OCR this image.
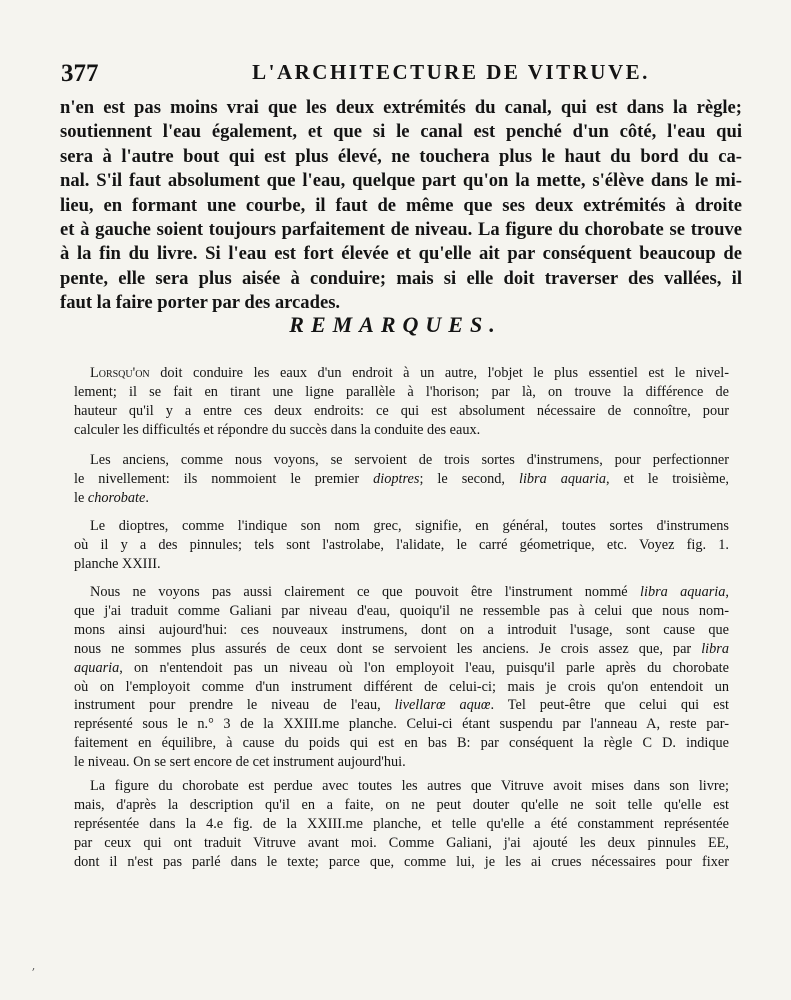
377	L'ARCHITECTURE DE VITRUVE.
n'en est pas moins vrai que les deux extrémités du canal, qui est dans la règle;
soutiennent l'eau également, et que si le canal est penché d'un côté, l'eau qui
sera à l'autre bout qui est plus élevé, ne touchera plus le haut du bord du ca-
nal. S'il faut absolument que l'eau, quelque part qu'on la mette, s'élève dans le mi-
lieu, en formant une courbe, il faut de même que ses deux extrémités à droite
et à gauche soient toujours parfaitement de niveau. La figure du chorobate se trouve
à la fin du livre. Si l'eau est fort élevée et qu'elle ait par conséquent beaucoup de
pente, elle sera plus aisée à conduire; mais si elle doit traverser des vallées, il
faut la faire porter par des arcades.
REMARQUES.
Lorsqu'on doit conduire les eaux d'un endroit à un autre, l'objet le plus essentiel est le nivel-
lement; il se fait en tirant une ligne parallèle à l'horison; par là, on trouve la différence de
hauteur qu'il y a entre ces deux endroits: ce qui est absolument nécessaire de connoître, pour
calculer les difficultés et répondre du succès dans la conduite des eaux.
Les anciens, comme nous voyons, se servoient de trois sortes d'instrumens, pour perfectionner
le nivellement: ils nommoient le premier dioptres; le second, libra aquaria, et le troisième,
le chorobate.
Le dioptres, comme l'indique son nom grec, signifie, en général, toutes sortes d'instrumens
où il y a des pinnules; tels sont l'astrolabe, l'alidate, le carré géometrique, etc. Voyez fig. 1.
planche XXIII.
Nous ne voyons pas aussi clairement ce que pouvoit être l'instrument nommé libra aquaria,
que j'ai traduit comme Galiani par niveau d'eau, quoiqu'il ne ressemble pas à celui que nous nom-
mons ainsi aujourd'hui: ces nouveaux instrumens, dont on a introduit l'usage, sont cause que
nous ne sommes plus assurés de ceux dont se servoient les anciens. Je crois assez que, par libra
aquaria, on n'entendoit pas un niveau où l'on employoit l'eau, puisqu'il parle après du chorobate
où on l'employoit comme d'un instrument différent de celui-ci; mais je crois qu'on entendoit un
instrument pour prendre le niveau de l'eau, livellarœ aquœ. Tel peut-être que celui qui est
représenté sous le n.° 3 de la XXIII.me planche. Celui-ci étant suspendu par l'anneau A, reste par-
faitement en équilibre, à cause du poids qui est en bas B: par conséquent la règle C D. indique
le niveau. On se sert encore de cet instrument aujourd'hui.
La figure du chorobate est perdue avec toutes les autres que Vitruve avoit mises dans son livre;
mais, d'après la description qu'il en a faite, on ne peut douter qu'elle ne soit telle qu'elle est
représentée dans la 4.e fig. de la XXIII.me planche, et telle qu'elle a été constamment représentée
par ceux qui ont traduit Vitruve avant moi. Comme Galiani, j'ai ajouté les deux pinnules EE,
dont il n'est pas parlé dans le texte; parce que, comme lui, je les ai crues nécessaires pour fixer
ʼ
